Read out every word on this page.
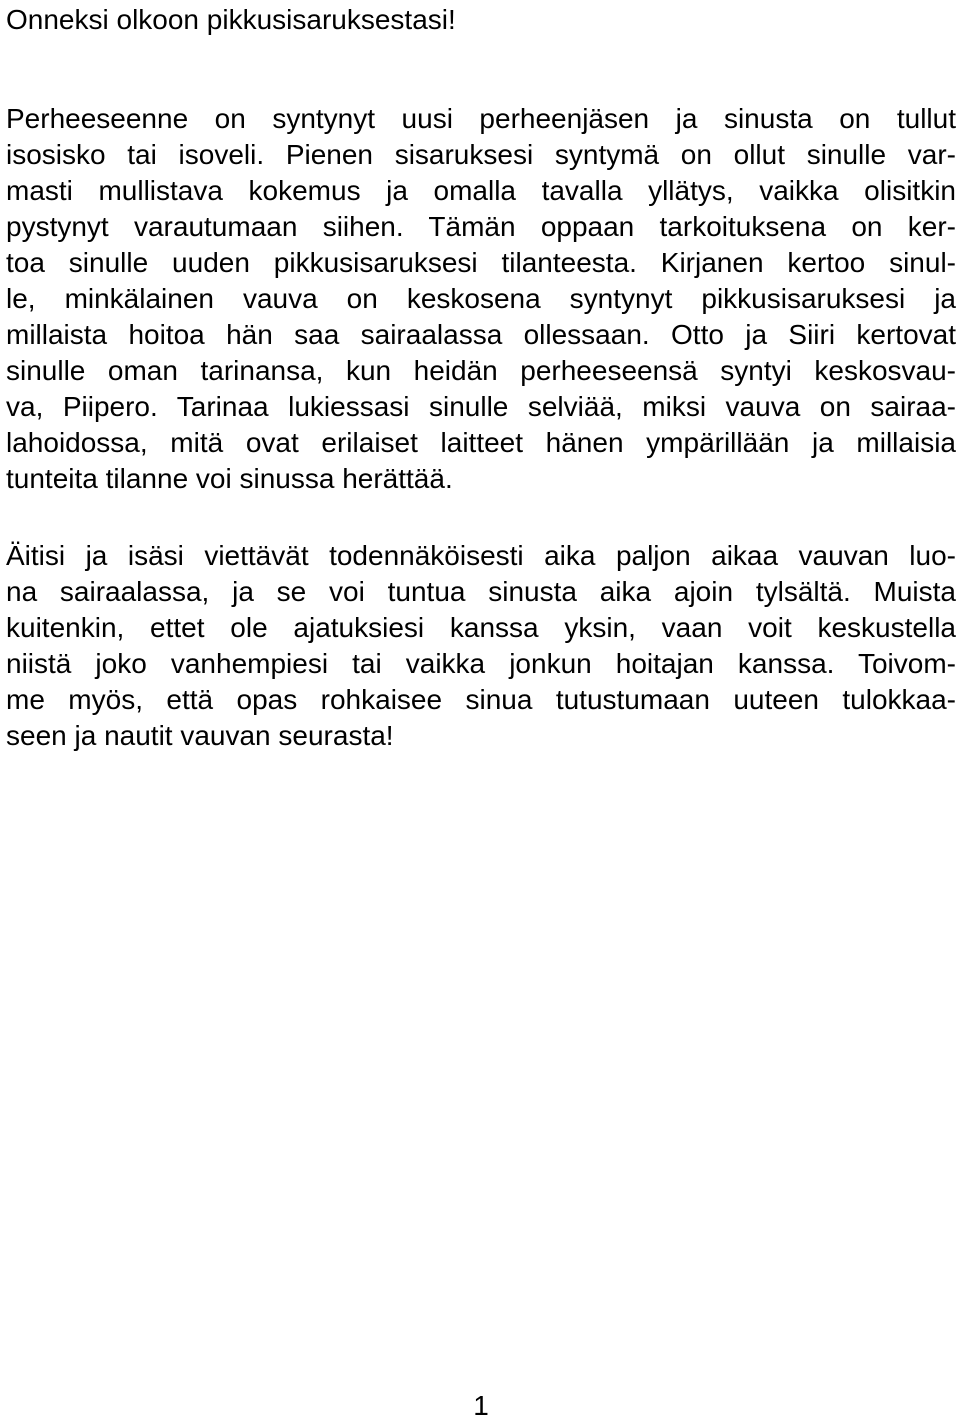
Onneksi olkoon pikkusisaruksestasi!
Perheeseenne on syntynyt uusi perheenjäsen ja sinusta on tullut
isosisko tai isoveli. Pienen sisaruksesi syntymä on ollut sinulle var-
masti mullistava kokemus ja omalla tavalla yllätys, vaikka olisitkin
pystynyt varautumaan siihen. Tämän oppaan tarkoituksena on ker-
toa sinulle uuden pikkusisaruksesi tilanteesta. Kirjanen kertoo sinul-
le, minkälainen vauva on keskosena syntynyt pikkusisaruksesi ja
millaista hoitoa hän saa sairaalassa ollessaan. Otto ja Siiri kertovat
sinulle oman tarinansa, kun heidän perheeseensä syntyi keskosvau-
va, Piipero. Tarinaa lukiessasi sinulle selviää, miksi vauva on sairaa-
lahoidossa, mitä ovat erilaiset laitteet hänen ympärillään ja millaisia
tunteita tilanne voi sinussa herättää.
Äitisi ja isäsi viettävät todennäköisesti aika paljon aikaa vauvan luo-
na sairaalassa, ja se voi tuntua sinusta aika ajoin tylsältä. Muista
kuitenkin, ettet ole ajatuksiesi kanssa yksin, vaan voit keskustella
niistä joko vanhempiesi tai vaikka jonkun hoitajan kanssa. Toivom-
me myös, että opas rohkaisee sinua tutustumaan uuteen tulokkaa-
seen ja nautit vauvan seurasta!
1
